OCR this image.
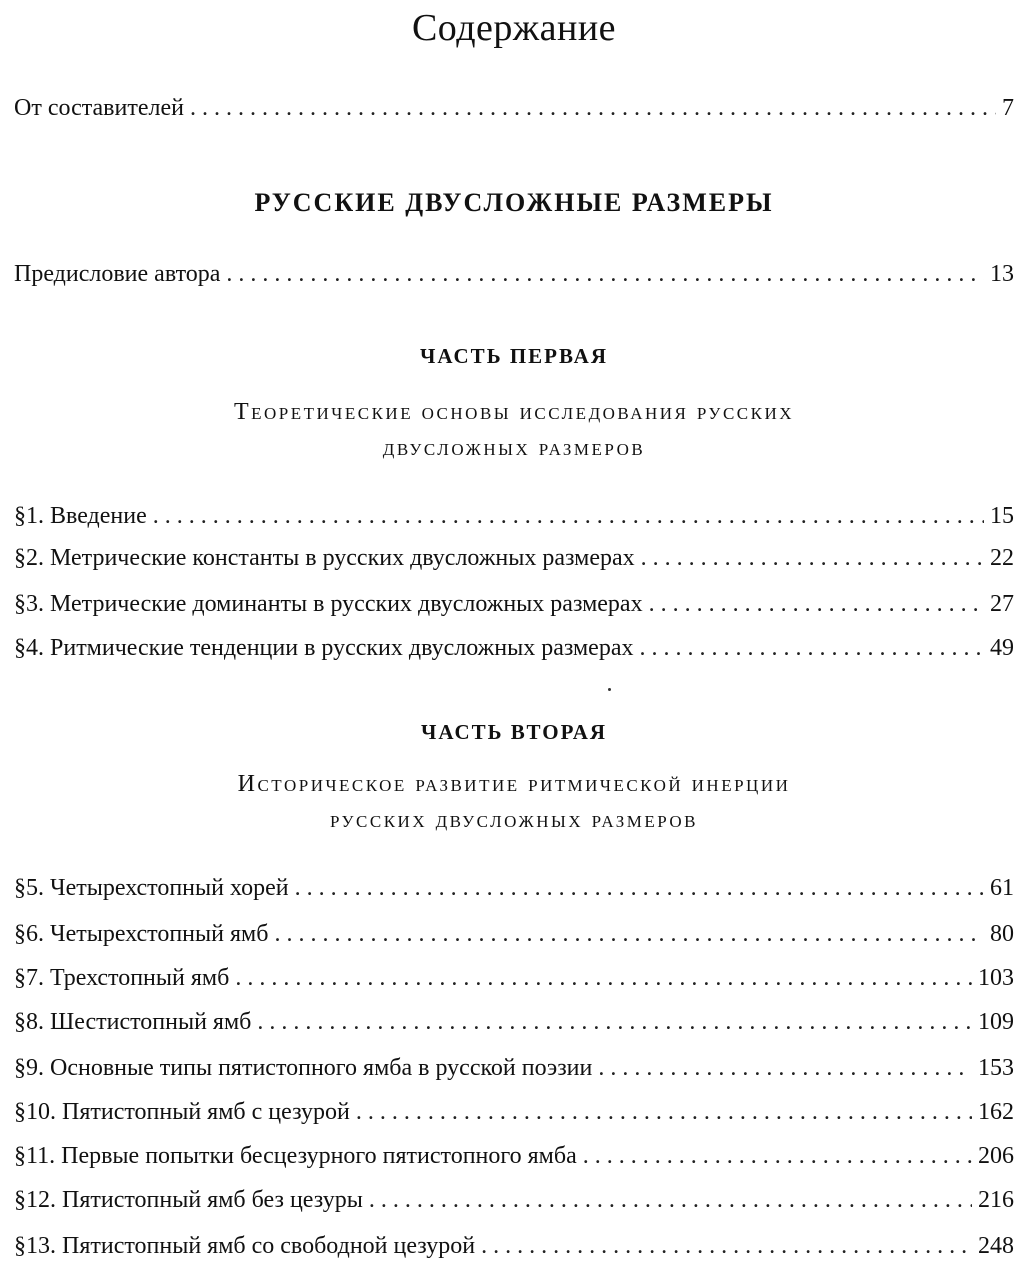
Содержание
От составителей . . .	7
РУССКИЕ ДВУСЛОЖНЫЕ РАЗМЕРЫ
Предисловие автора . . .	13
ЧАСТЬ ПЕРВАЯ
Теоретические основы исследования русских
двусложных размеров
§1. Введение . . .	15
§2. Метрические константы в русских двусложных размерах . . .	22
§3. Метрические доминанты в русских двусложных размерах . . .	27
§4. Ритмические тенденции в русских двусложных размерах . . .	49
ЧАСТЬ ВТОРАЯ
Историческое развитие ритмической инерции
русских двусложных размеров
§5. Четырехстопный хорей . . .	61
§6. Четырехстопный ямб . . .	80
§7. Трехстопный ямб . . .	103
§8. Шестистопный ямб . . .	109
§9. Основные типы пятистопного ямба в русской поэзии . . .	153
§10. Пятистопный ямб с цезурой . . .	162
§11. Первые попытки бесцезурного пятистопного ямба . . .	206
§12. Пятистопный ямб без цезуры . . .	216
§13. Пятистопный ямб со свободной цезурой . . .	248
